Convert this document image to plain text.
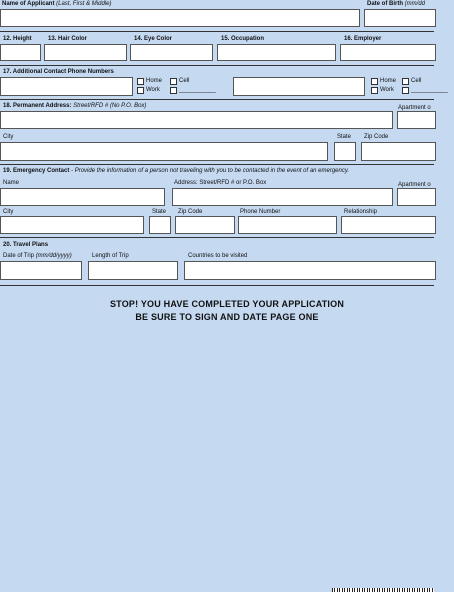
Name of Applicant (Last, First & Middle)	Date of Birth (mm/dd
12. Height	13. Hair Color	14. Eye Color	15. Occupation	16. Employer
17. Additional Contact Phone Numbers
Home	Cell
Work	___________
Home Cell
Work	___________
18. Permanent Address: Street/RFD # (No P.O. Box)	Apartment o
City	State Zip Code
19. Emergency Contact - Provide the information of a person not traveling with you to be contacted in the event of an emergency.
Name	Address: Street/RFD # or P.O. Box	Apartment o
City	State Zip Code	Phone Number	Relationship
20. Travel Plans
Date of Trip (mm/dd/yyyy)	Length of Trip	Countries to be visited
STOP! YOU HAVE COMPLETED YOUR APPLICATION
BE SURE TO SIGN AND DATE PAGE ONE
